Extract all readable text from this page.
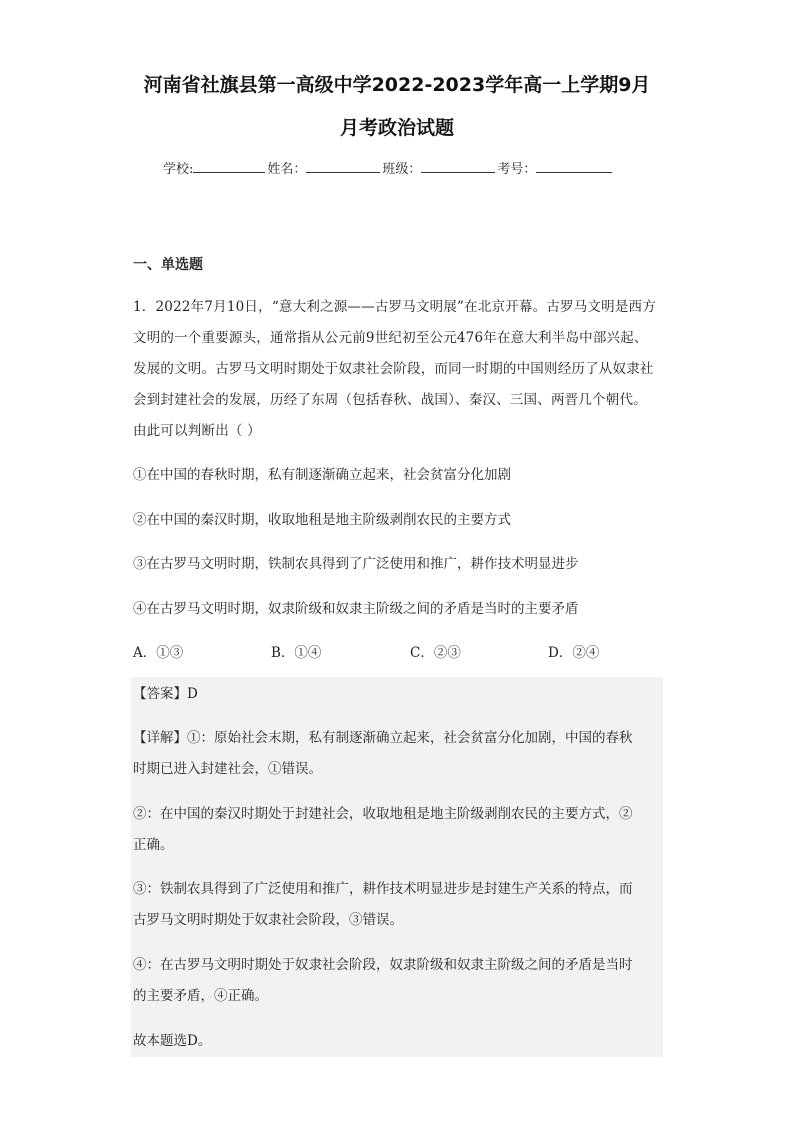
河南省社旗县第一高级中学2022-2023学年高一上学期9月
月考政治试题
学校:	姓名：	班级：	考号：
一、单选题
1．2022年7月10日，“意大利之源——古罗马文明展”在北京开幕。古罗马文明是西方
文明的一个重要源头，通常指从公元前9世纪初至公元476年在意大利半岛中部兴起、
发展的文明。古罗马文明时期处于奴隶社会阶段，而同一时期的中国则经历了从奴隶社
会到封建社会的发展，历经了东周（包括春秋、战国）、秦汉、三国、两晋几个朝代。
由此可以判断出（ ）
①在中国的春秋时期，私有制逐渐确立起来，社会贫富分化加剧
②在中国的秦汉时期，收取地租是地主阶级剥削农民的主要方式
③在古罗马文明时期，铁制农具得到了广泛使用和推广，耕作技术明显进步
④在古罗马文明时期，奴隶阶级和奴隶主阶级之间的矛盾是当时的主要矛盾
A．①③	B．①④	C．②③	D．②④
【答案】D
【详解】①：原始社会末期，私有制逐渐确立起来，社会贫富分化加剧，中国的春秋
时期已进入封建社会，①错误。
②：在中国的秦汉时期处于封建社会，收取地租是地主阶级剥削农民的主要方式，②
正确。
③：铁制农具得到了广泛使用和推广，耕作技术明显进步是封建生产关系的特点，而
古罗马文明时期处于奴隶社会阶段，③错误。
④：在古罗马文明时期处于奴隶社会阶段，奴隶阶级和奴隶主阶级之间的矛盾是当时
的主要矛盾，④正确。
故本题选D。
